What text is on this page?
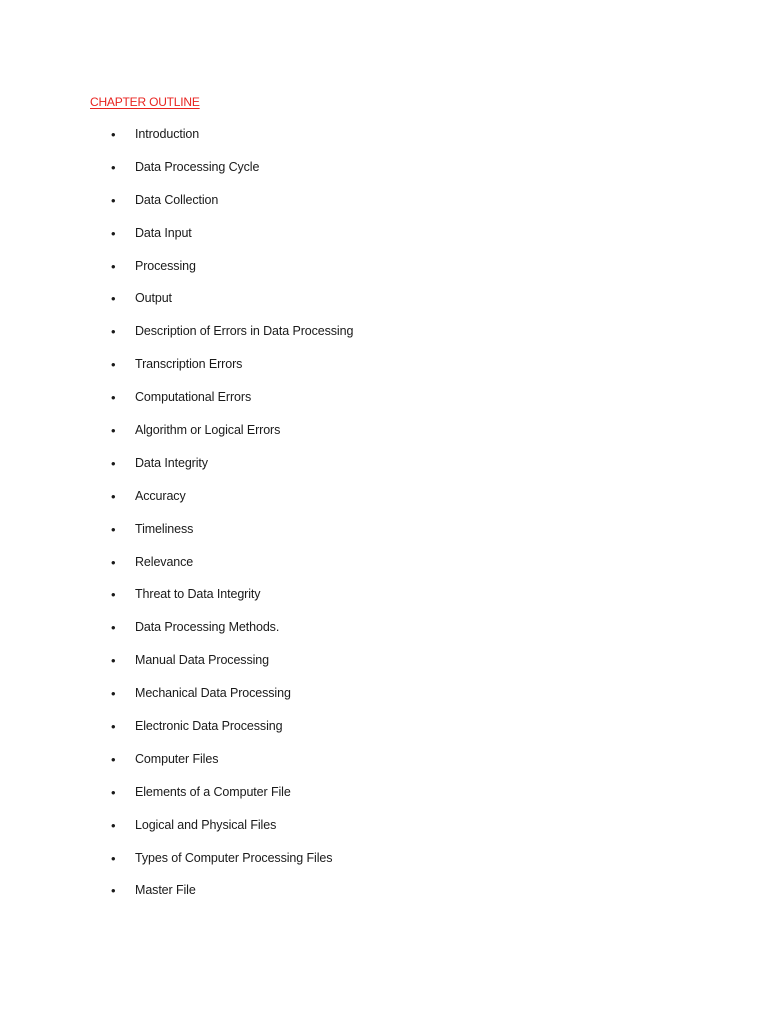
CHAPTER OUTLINE
• Introduction
• Data Processing Cycle
• Data Collection
• Data Input
• Processing
• Output
• Description of Errors in Data Processing
• Transcription Errors
• Computational Errors
• Algorithm or Logical Errors
• Data Integrity
• Accuracy
• Timeliness
• Relevance
• Threat to Data Integrity
• Data Processing Methods.
• Manual Data Processing
• Mechanical Data Processing
• Electronic Data Processing
• Computer Files
• Elements of a Computer File
• Logical and Physical Files
• Types of Computer Processing Files
• Master File
